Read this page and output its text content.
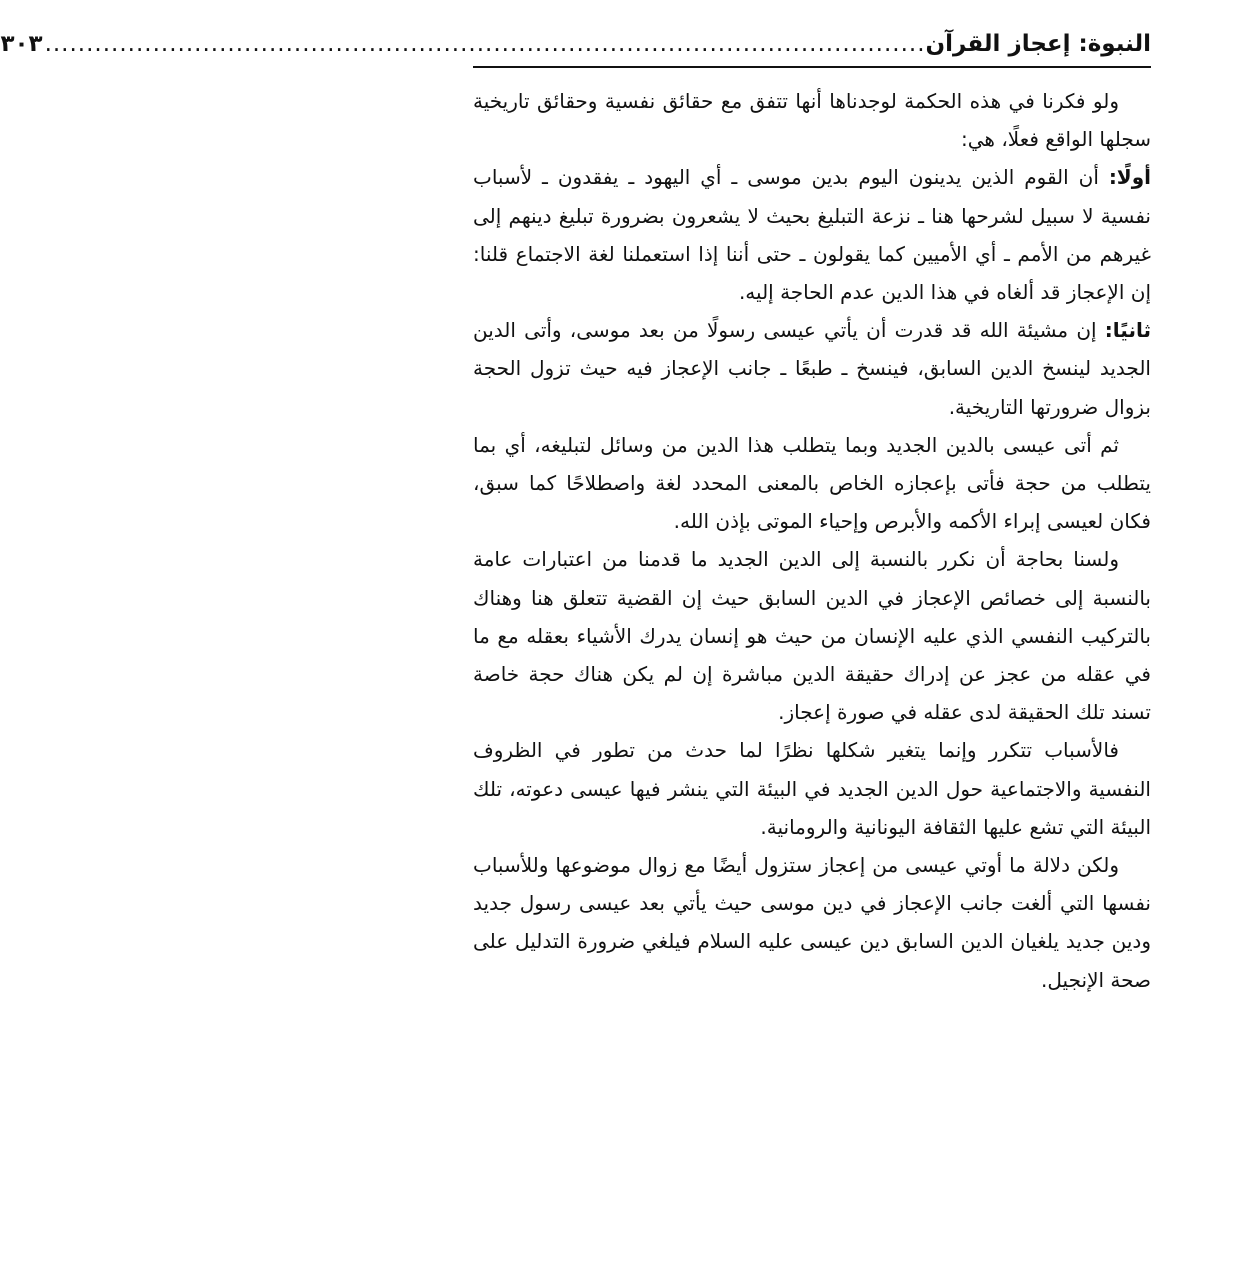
النبوة: إعجاز القرآن
..........................................................................................................
٣٠٣

ولو فكرنا في هذه الحكمة لوجدناها أنها تتفق مع حقائق نفسية وحقائق تاريخية سجلها الواقع فعلًا، هي:

أولًا: أن القوم الذين يدينون اليوم بدين موسى ـ أي اليهود ـ يفقدون ـ لأسباب نفسية لا سبيل لشرحها هنا ـ نزعة التبليغ بحيث لا يشعرون بضرورة تبليغ دينهم إلى غيرهم من الأمم ـ أي الأميين كما يقولون ـ حتى أننا إذا استعملنا لغة الاجتماع قلنا: إن الإعجاز قد ألغاه في هذا الدين عدم الحاجة إليه.

ثانيًا: إن مشيئة الله قد قدرت أن يأتي عيسى رسولًا من بعد موسى، وأتى الدين الجديد لينسخ الدين السابق، فينسخ ـ طبعًا ـ جانب الإعجاز فيه حيث تزول الحجة بزوال ضرورتها التاريخية.

ثم أتى عيسى بالدين الجديد وبما يتطلب هذا الدين من وسائل لتبليغه، أي بما يتطلب من حجة فأتى بإعجازه الخاص بالمعنى المحدد لغة واصطلاحًا كما سبق، فكان لعيسى إبراء الأكمه والأبرص وإحياء الموتى بإذن الله.

ولسنا بحاجة أن نكرر بالنسبة إلى الدين الجديد ما قدمنا من اعتبارات عامة بالنسبة إلى خصائص الإعجاز في الدين السابق حيث إن القضية تتعلق هنا وهناك بالتركيب النفسي الذي عليه الإنسان من حيث هو إنسان يدرك الأشياء بعقله مع ما في عقله من عجز عن إدراك حقيقة الدين مباشرة إن لم يكن هناك حجة خاصة تسند تلك الحقيقة لدى عقله في صورة إعجاز.

فالأسباب تتكرر وإنما يتغير شكلها نظرًا لما حدث من تطور في الظروف النفسية والاجتماعية حول الدين الجديد في البيئة التي ينشر فيها عيسى دعوته، تلك البيئة التي تشع عليها الثقافة اليونانية والرومانية.

ولكن دلالة ما أوتي عيسى من إعجاز ستزول أيضًا مع زوال موضوعها وللأسباب نفسها التي ألغت جانب الإعجاز في دين موسى حيث يأتي بعد عيسى رسول جديد ودين جديد يلغيان الدين السابق دين عيسى عليه السلام فيلغي ضرورة التدليل على صحة الإنجيل.
